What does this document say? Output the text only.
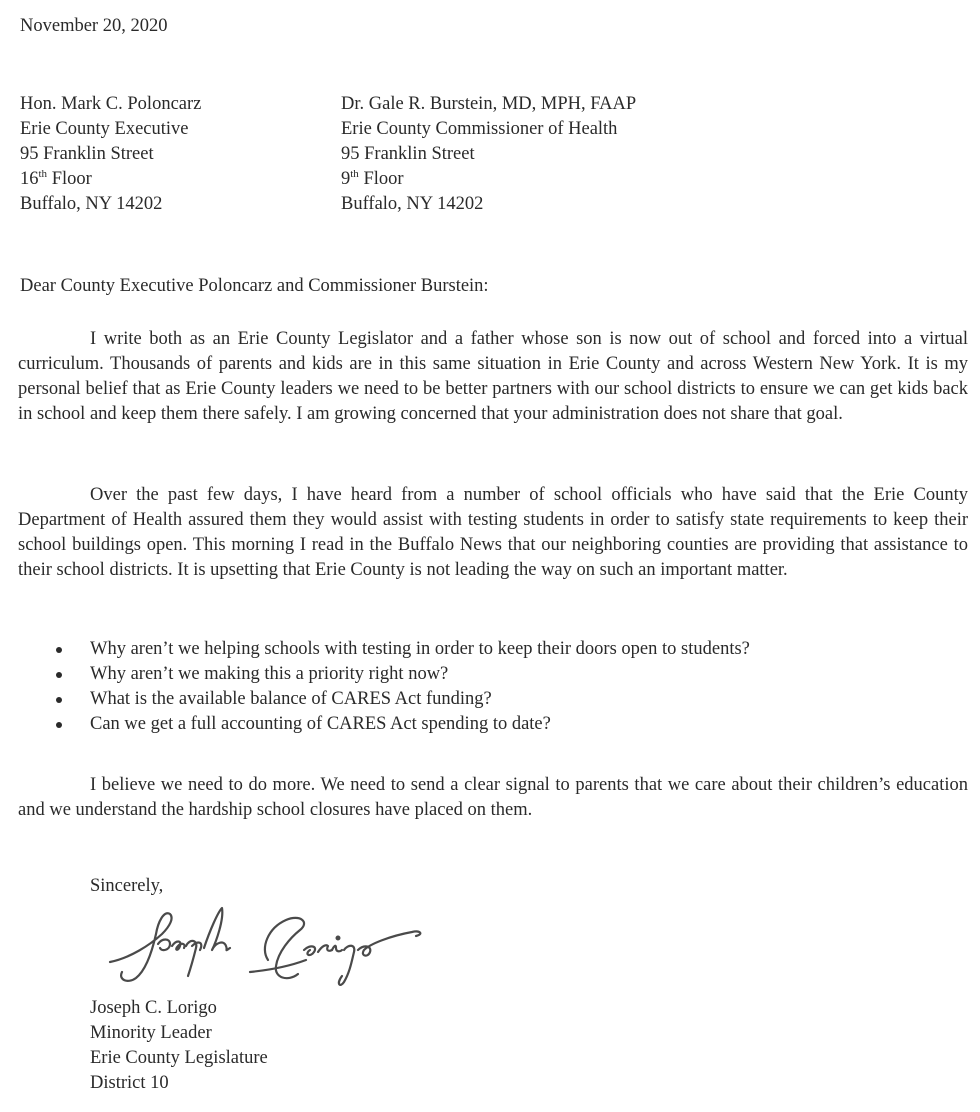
November 20, 2020
Hon. Mark C. Poloncarz
Erie County Executive
95 Franklin Street
16th Floor
Buffalo, NY 14202
Dr. Gale R. Burstein, MD, MPH, FAAP
Erie County Commissioner of Health
95 Franklin Street
9th Floor
Buffalo, NY 14202
Dear County Executive Poloncarz and Commissioner Burstein:
I write both as an Erie County Legislator and a father whose son is now out of school and forced into a virtual curriculum. Thousands of parents and kids are in this same situation in Erie County and across Western New York. It is my personal belief that as Erie County leaders we need to be better partners with our school districts to ensure we can get kids back in school and keep them there safely. I am growing concerned that your administration does not share that goal.
Over the past few days, I have heard from a number of school officials who have said that the Erie County Department of Health assured them they would assist with testing students in order to satisfy state requirements to keep their school buildings open. This morning I read in the Buffalo News that our neighboring counties are providing that assistance to their school districts. It is upsetting that Erie County is not leading the way on such an important matter.
Why aren’t we helping schools with testing in order to keep their doors open to students?
Why aren’t we making this a priority right now?
What is the available balance of CARES Act funding?
Can we get a full accounting of CARES Act spending to date?
I believe we need to do more. We need to send a clear signal to parents that we care about their children’s education and we understand the hardship school closures have placed on them.
Sincerely,
Joseph C. Lorigo
Minority Leader
Erie County Legislature
District 10
